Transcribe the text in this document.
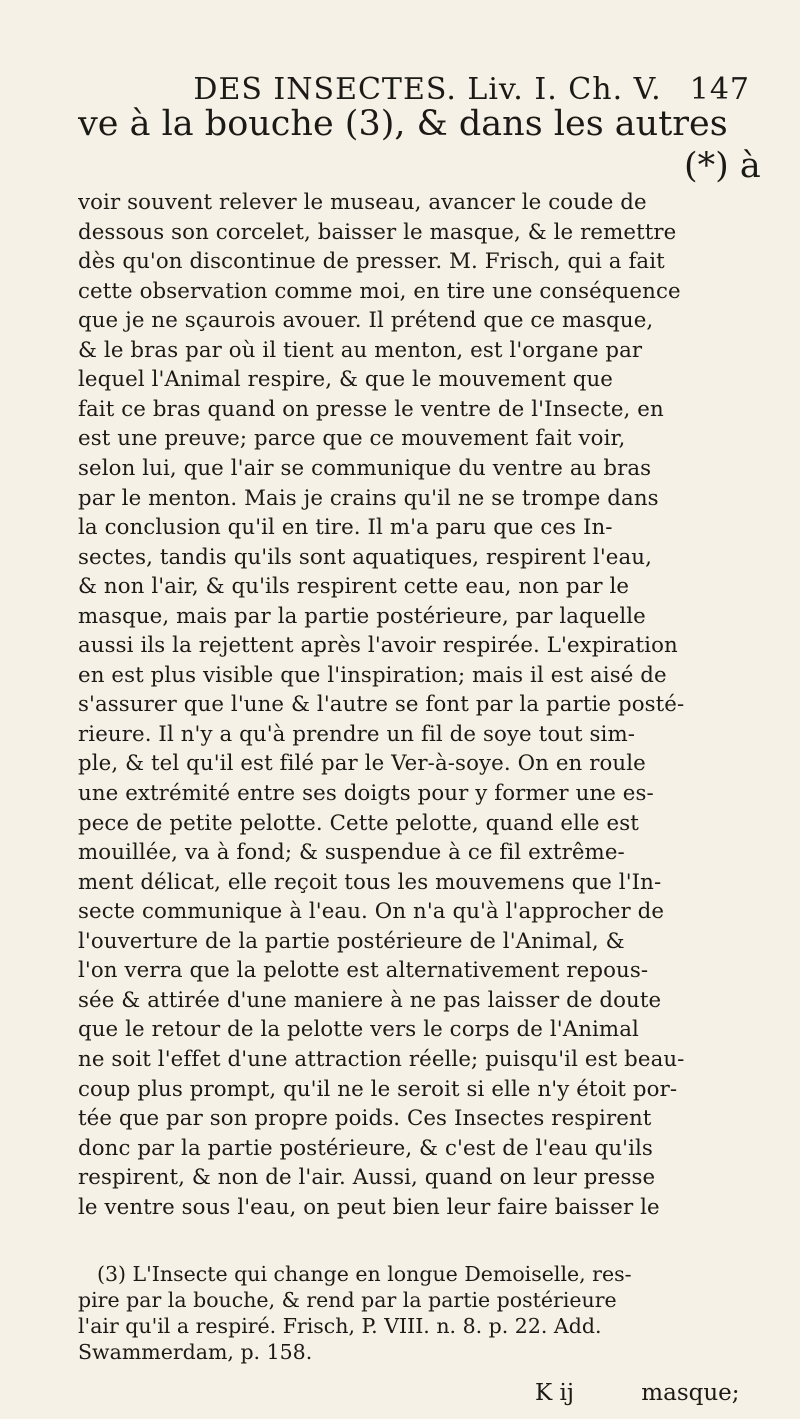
DES INSECTES. Liv. I. Ch. V. 147
ve à la bouche (3), & dans les autres
(*) à
voir souvent relever le museau, avancer le coude de
dessous son corcelet, baisser le masque, & le remettre
dès qu'on discontinue de presser. M. Frisch, qui a fait
cette observation comme moi, en tire une conséquence
que je ne sçaurois avouer. Il prétend que ce masque,
& le bras par où il tient au menton, est l'organe par
lequel l'Animal respire, & que le mouvement que
fait ce bras quand on presse le ventre de l'Insecte, en
est une preuve; parce que ce mouvement fait voir,
selon lui, que l'air se communique du ventre au bras
par le menton. Mais je crains qu'il ne se trompe dans
la conclusion qu'il en tire. Il m'a paru que ces In-
sectes, tandis qu'ils sont aquatiques, respirent l'eau,
& non l'air, & qu'ils respirent cette eau, non par le
masque, mais par la partie postérieure, par laquelle
aussi ils la rejettent après l'avoir respirée. L'expiration
en est plus visible que l'inspiration; mais il est aisé de
s'assurer que l'une & l'autre se font par la partie posté-
rieure. Il n'y a qu'à prendre un fil de soye tout sim-
ple, & tel qu'il est filé par le Ver-à-soye. On en roule
une extrémité entre ses doigts pour y former une es-
pece de petite pelotte. Cette pelotte, quand elle est
mouillée, va à fond; & suspendue à ce fil extrême-
ment délicat, elle reçoit tous les mouvemens que l'In-
secte communique à l'eau. On n'a qu'à l'approcher de
l'ouverture de la partie postérieure de l'Animal, &
l'on verra que la pelotte est alternativement repous-
sée & attirée d'une maniere à ne pas laisser de doute
que le retour de la pelotte vers le corps de l'Animal
ne soit l'effet d'une attraction réelle; puisqu'il est beau-
coup plus prompt, qu'il ne le seroit si elle n'y étoit por-
tée que par son propre poids. Ces Insectes respirent
donc par la partie postérieure, & c'est de l'eau qu'ils
respirent, & non de l'air. Aussi, quand on leur presse
le ventre sous l'eau, on peut bien leur faire baisser le
(3) L'Insecte qui change en longue Demoiselle, res-
pire par la bouche, & rend par la partie postérieure
l'air qu'il a respiré. Frisch, P. VIII. n. 8. p. 22. Add.
Swammerdam, p. 158.
K ij	masque;
